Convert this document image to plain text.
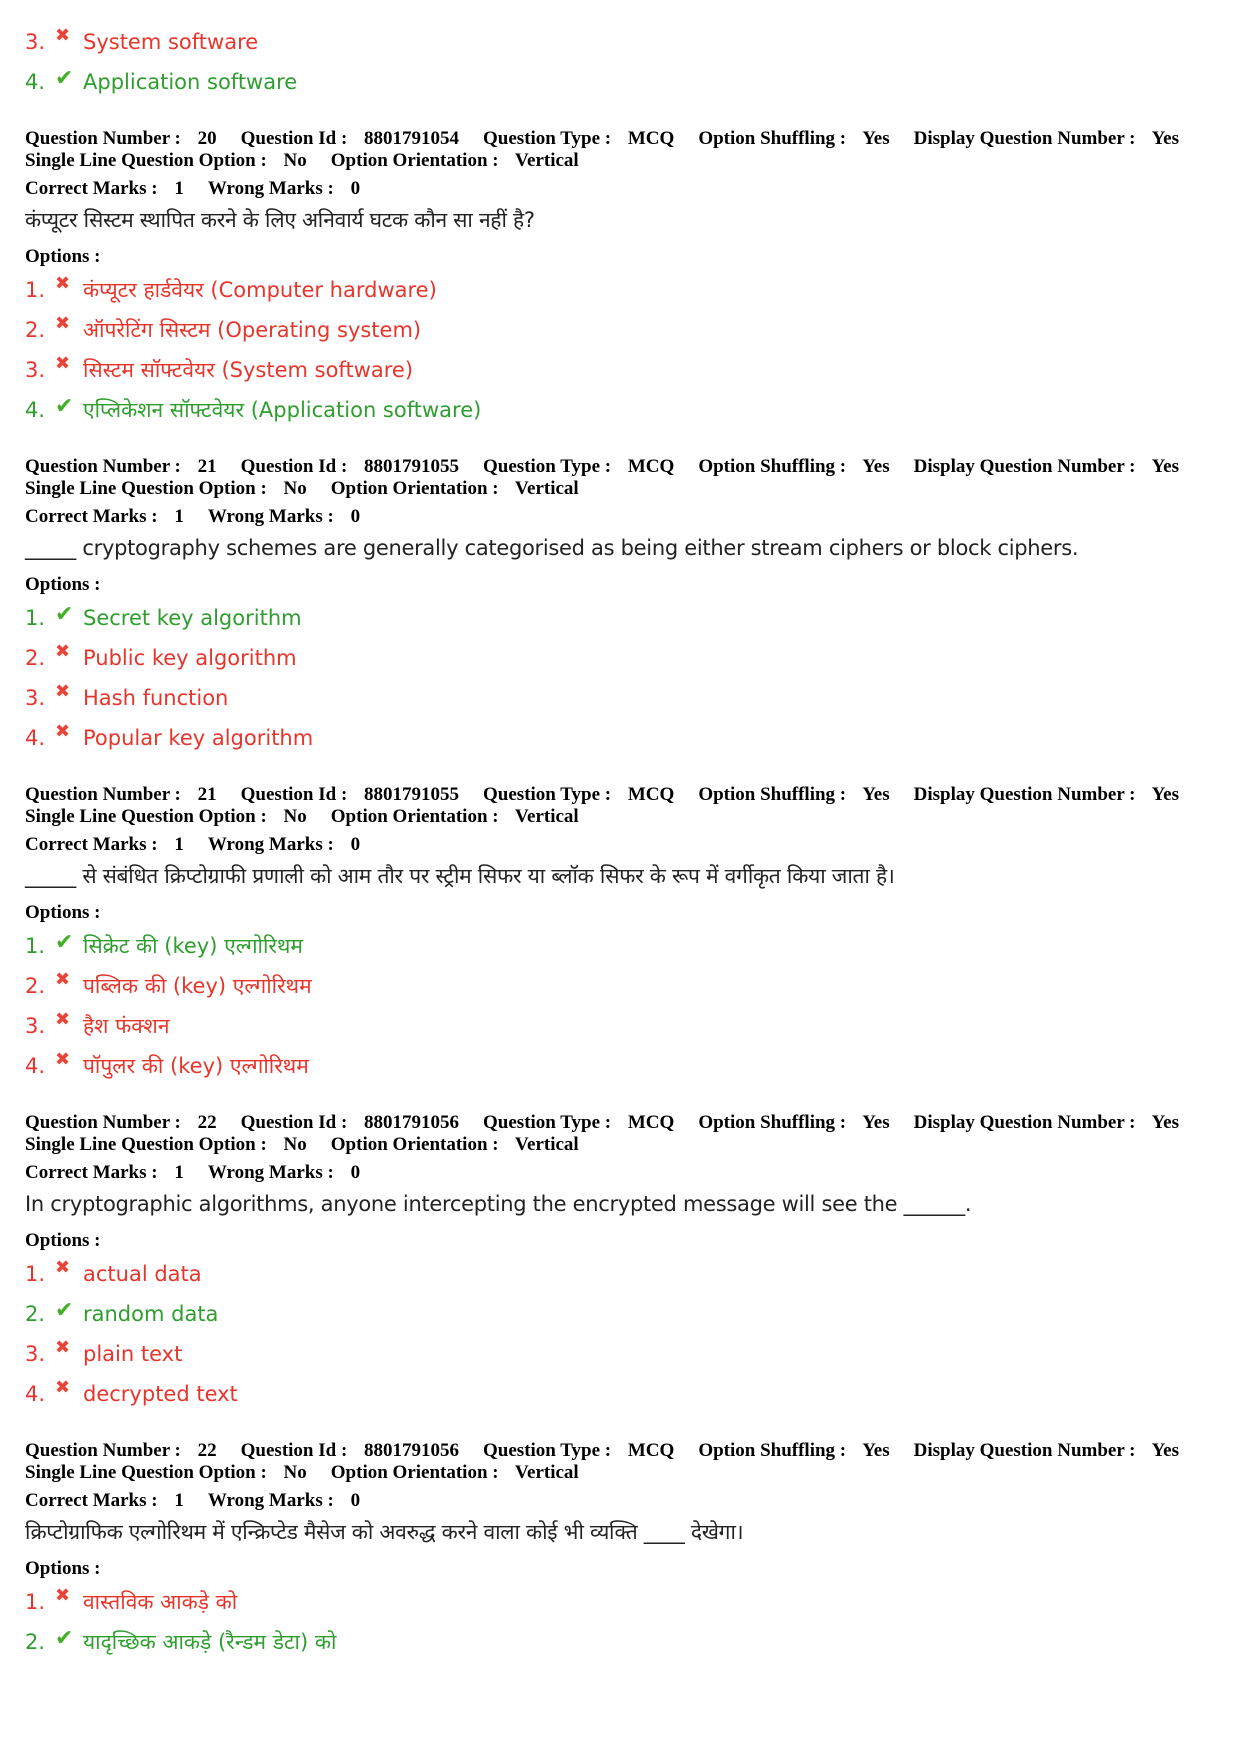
3. ✖ System software
4. ✔ Application software
Question Number : 20 Question Id : 8801791054 Question Type : MCQ Option Shuffling : Yes Display Question Number : Yes
Single Line Question Option : No Option Orientation : Vertical
Correct Marks : 1 Wrong Marks : 0
कंप्यूटर सिस्टम स्थापित करने के लिए अनिवार्य घटक कौन सा नहीं है?
Options :
1. ✖ कंप्यूटर हार्डवेयर (Computer hardware)
2. ✖ ऑपरेटिंग सिस्टम (Operating system)
3. ✖ सिस्टम सॉफ्टवेयर (System software)
4. ✔ एप्लिकेशन सॉफ्टवेयर (Application software)
Question Number : 21 Question Id : 8801791055 Question Type : MCQ Option Shuffling : Yes Display Question Number : Yes
Single Line Question Option : No Option Orientation : Vertical
Correct Marks : 1 Wrong Marks : 0
_____ cryptography schemes are generally categorised as being either stream ciphers or block ciphers.
Options :
1. ✔ Secret key algorithm
2. ✖ Public key algorithm
3. ✖ Hash function
4. ✖ Popular key algorithm
Question Number : 21 Question Id : 8801791055 Question Type : MCQ Option Shuffling : Yes Display Question Number : Yes
Single Line Question Option : No Option Orientation : Vertical
Correct Marks : 1 Wrong Marks : 0
_____ से संबंधित क्रिप्टोग्राफी प्रणाली को आम तौर पर स्ट्रीम सिफर या ब्लॉक सिफर के रूप में वर्गीकृत किया जाता है।
Options :
1. ✔ सिक्रेट की (key) एल्गोरिथम
2. ✖ पब्लिक की (key) एल्गोरिथम
3. ✖ हैश फंक्शन
4. ✖ पॉपुलर की (key) एल्गोरिथम
Question Number : 22 Question Id : 8801791056 Question Type : MCQ Option Shuffling : Yes Display Question Number : Yes
Single Line Question Option : No Option Orientation : Vertical
Correct Marks : 1 Wrong Marks : 0
In cryptographic algorithms, anyone intercepting the encrypted message will see the ______.
Options :
1. ✖ actual data
2. ✔ random data
3. ✖ plain text
4. ✖ decrypted text
Question Number : 22 Question Id : 8801791056 Question Type : MCQ Option Shuffling : Yes Display Question Number : Yes
Single Line Question Option : No Option Orientation : Vertical
Correct Marks : 1 Wrong Marks : 0
क्रिप्टोग्राफिक एल्गोरिथम में एन्क्रिप्टेड मैसेज को अवरुद्ध करने वाला कोई भी व्यक्ति ____ देखेगा।
Options :
1. ✖ वास्तविक आकड़े को
2. ✔ यादृच्छिक आकड़े (रैन्डम डेटा) को
